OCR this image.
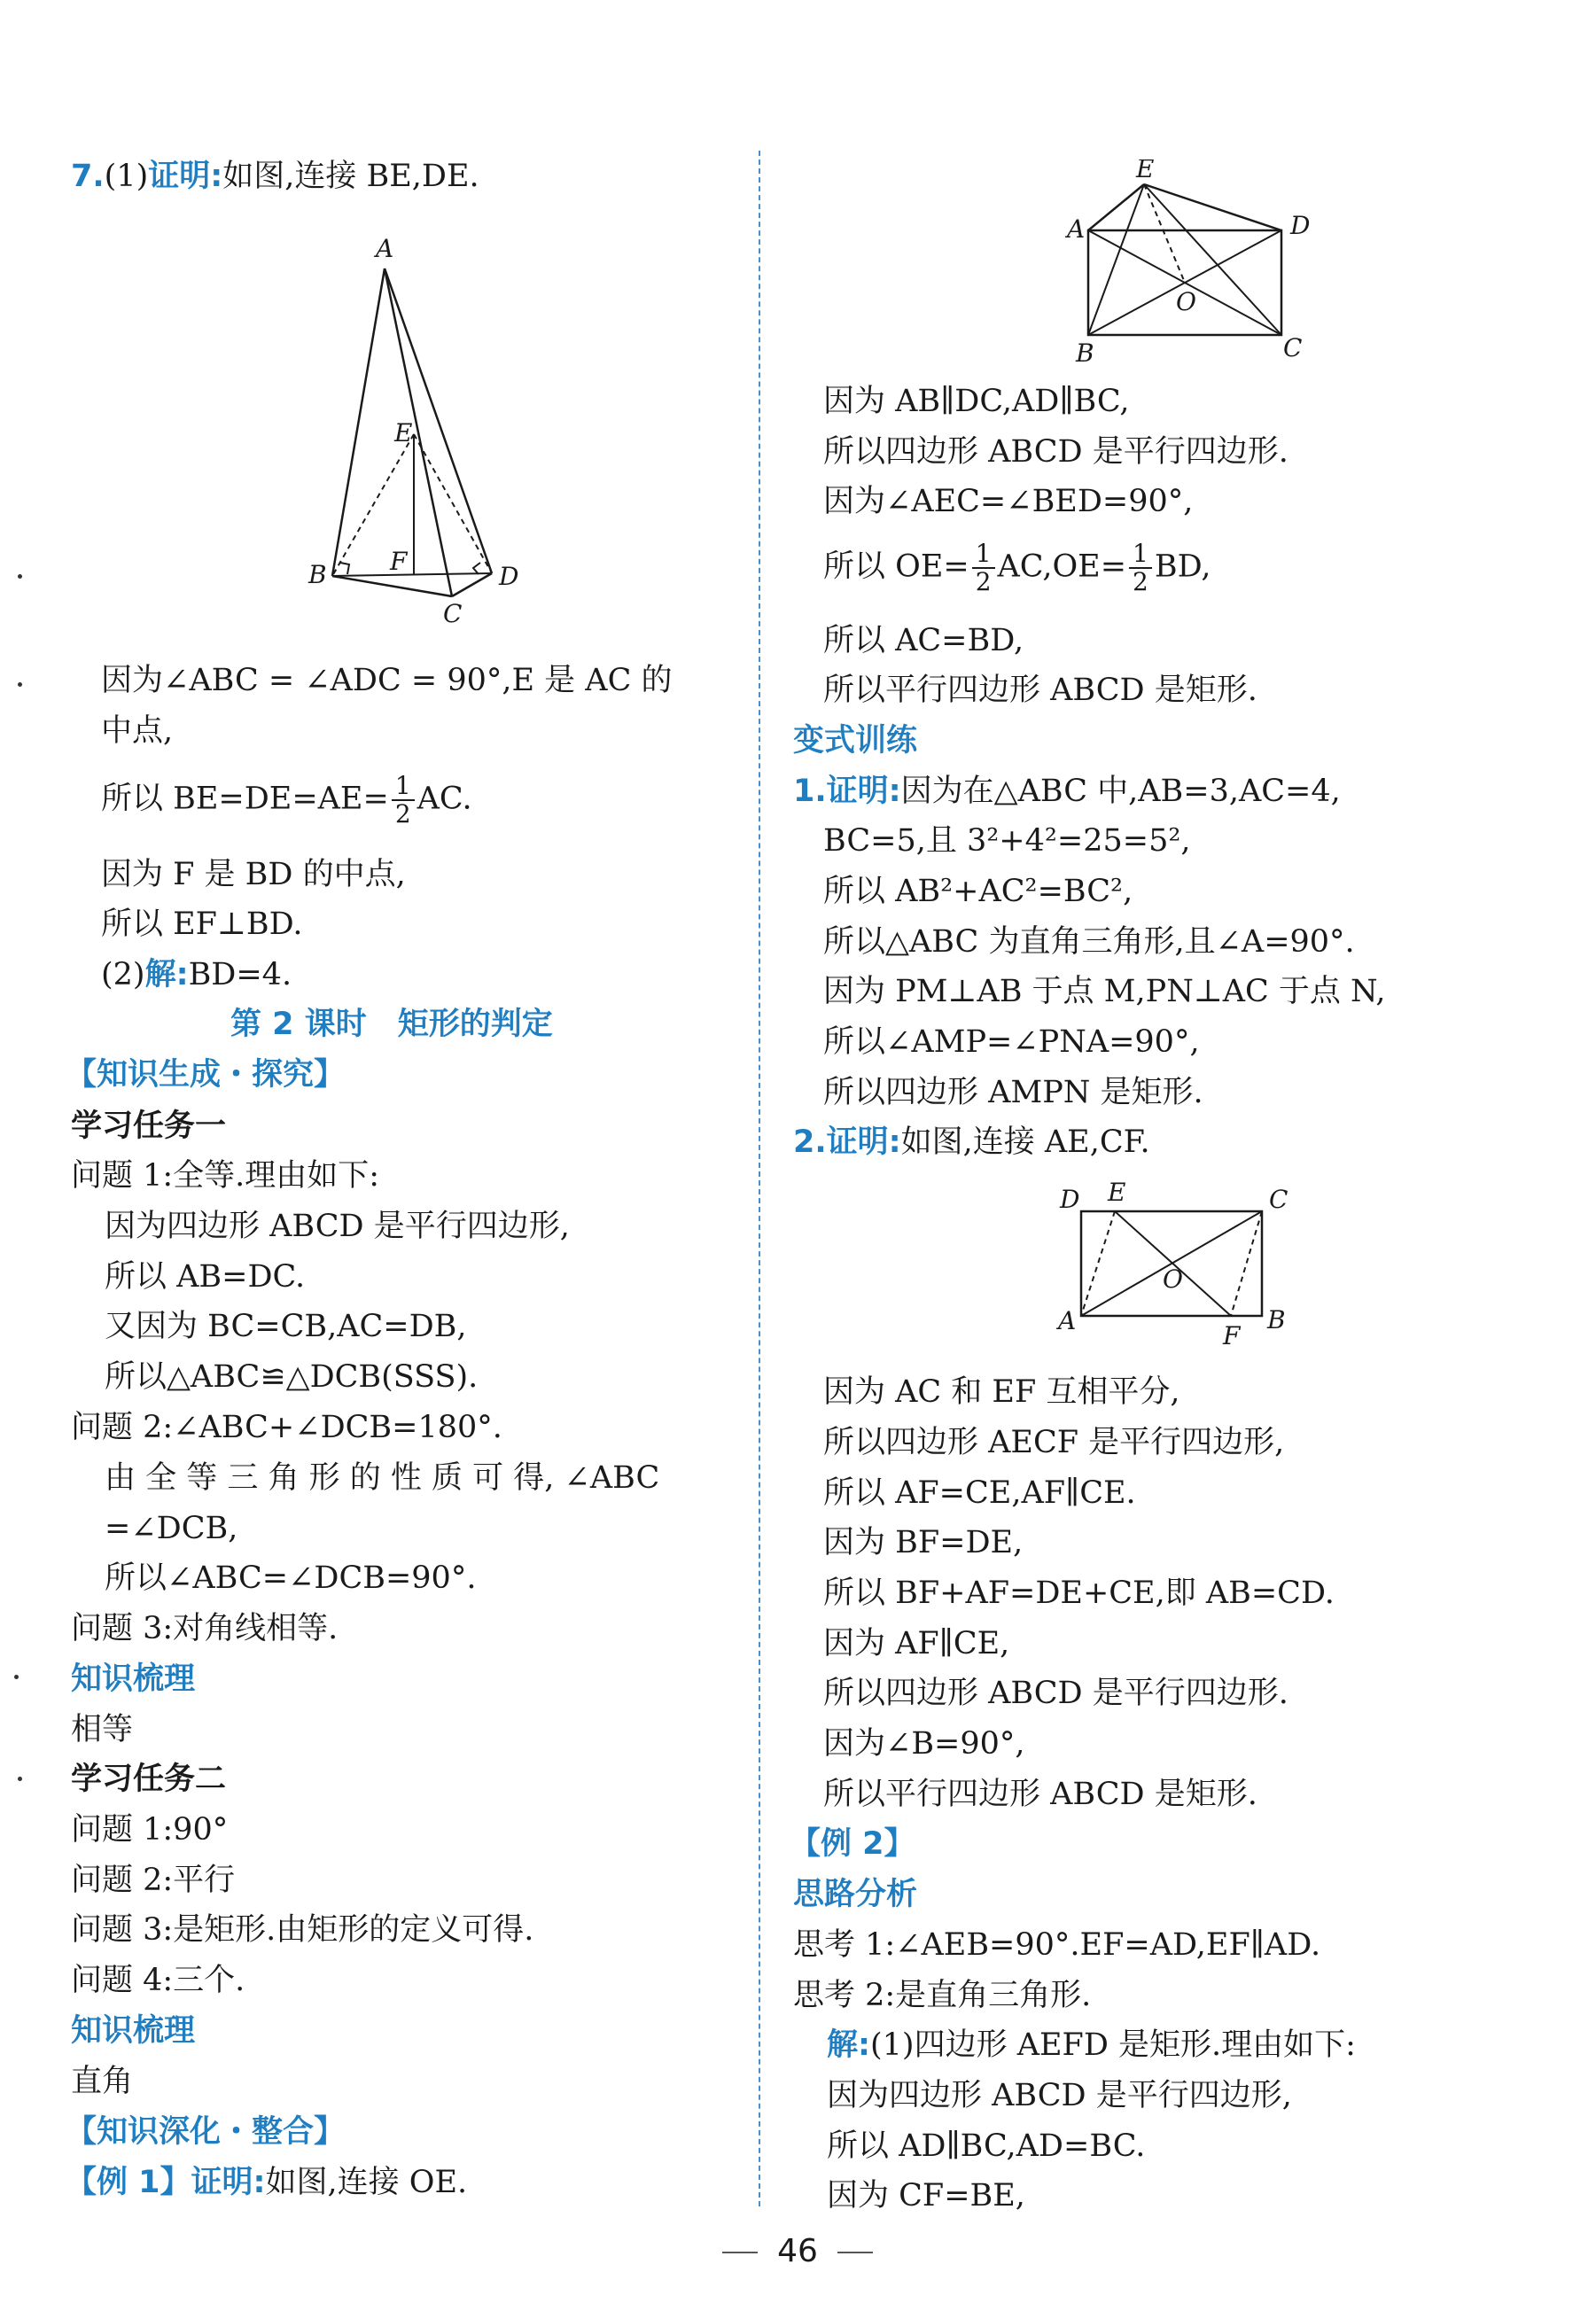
7.(1)证明:如图,连接 BE,DE.
A
E
F
B	D
C
因为∠ABC = ∠ADC = 90°,E 是 AC 的
中点,
所以 $BE=DE=AE= \frac{1}{2}$ AC.
因为 F 是 BD 的中点,
所以 EF⊥BD.
(2)解:BD=4.
第 2 课时　矩形的判定
【知识生成・探究】
学习任务一
问题 1:全等.理由如下:
因为四边形 ABCD 是平行四边形,
所以 AB=DC.
又因为 BC=CB,AC=DB,
所以△ABC≌△DCB(SSS).
问题 2:∠ABC+∠DCB=180°.
由 全 等 三 角 形 的 性 质 可 得, ∠ABC
=∠DCB,
所以∠ABC=∠DCB=90°.
问题 3:对角线相等.
知识梳理
相等
学习任务二
问题 1:90°
问题 2:平行
问题 3:是矩形.由矩形的定义可得.
问题 4:三个.
知识梳理
直角
【知识深化・整合】
【例 1】证明:如图,连接 OE.
E
A	D
O
B	C
因为 AB∥DC,AD∥BC,
所以四边形 ABCD 是平行四边形.
因为∠AEC=∠BED=90°,
所以 $OE= \frac{1}{2} AC,OE= \frac{1}{2}$ BD,
所以 AC=BD,
所以平行四边形 ABCD 是矩形.
变式训练
1.证明:因为在△ABC 中,AB=3,AC=4,
BC=5,且 3²+4²=25=5²,
所以 AB²+AC²=BC²,
所以△ABC 为直角三角形,且∠A=90°.
因为 PM⊥AB 于点 M,PN⊥AC 于点 N,
所以∠AMP=∠PNA=90°,
所以四边形 AMPN 是矩形.
2.证明:如图,连接 AE,CF.
D E	C
O
A
F
B
因为 AC 和 EF 互相平分,
所以四边形 AECF 是平行四边形,
所以 AF=CE,AF∥CE.
因为 BF=DE,
所以 BF+AF=DE+CE,即 AB=CD.
因为 AF∥CE,
所以四边形 ABCD 是平行四边形.
因为∠B=90°,
所以平行四边形 ABCD 是矩形.
【例 2】
思路分析
思考 1:∠AEB=90°.EF=AD,EF∥AD.
思考 2:是直角三角形.
解:(1)四边形 AEFD 是矩形.理由如下:
因为四边形 ABCD 是平行四边形,
所以 AD∥BC,AD=BC.
因为 CF=BE,
46
